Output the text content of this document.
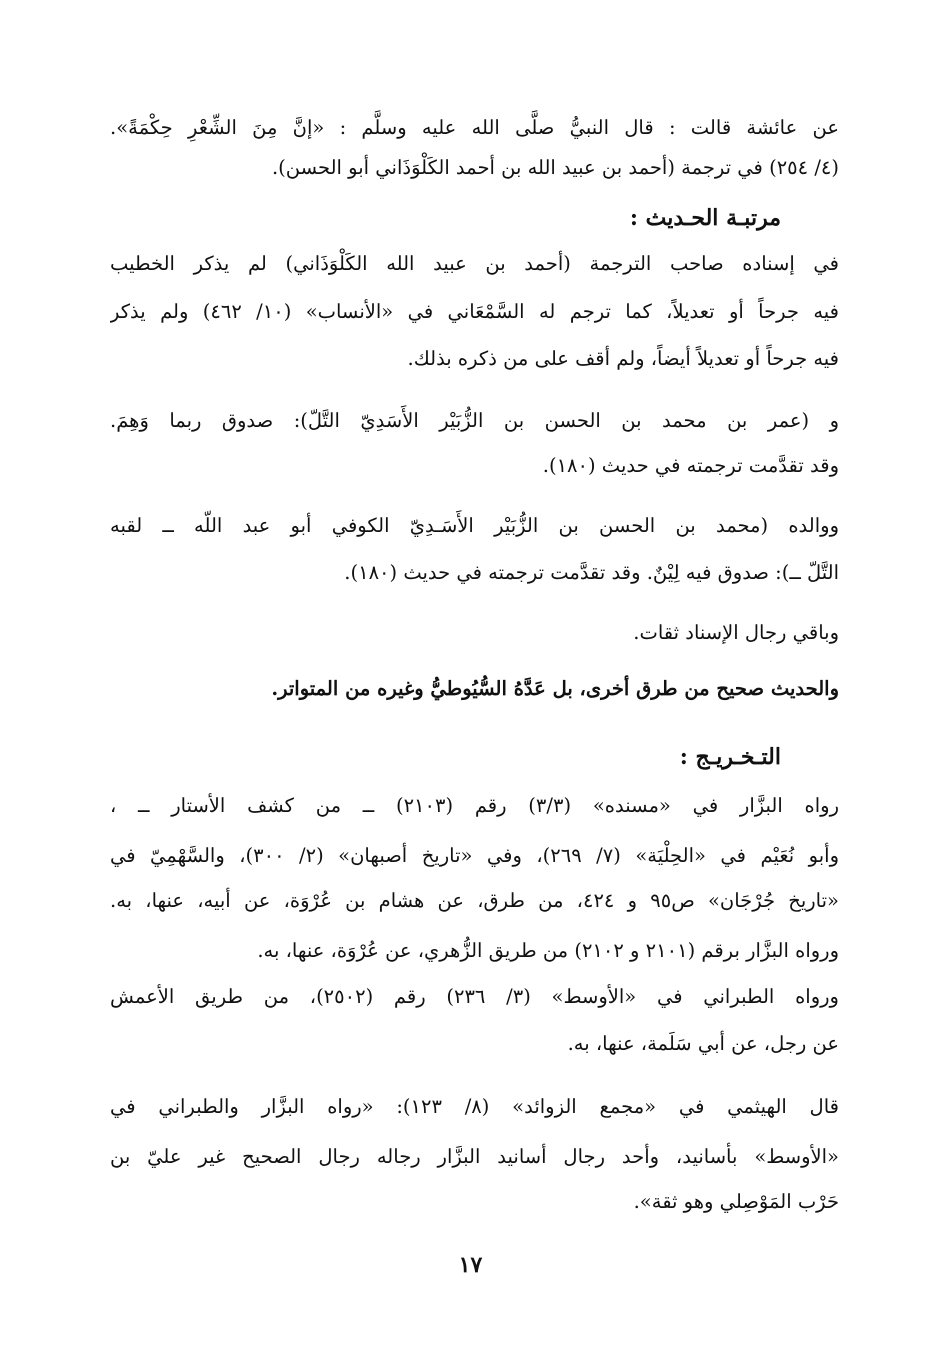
عن عائشة قالت : قال النبيُّ صلَّى الله عليه وسلَّم : «إنَّ مِنَ الشِّعْرِ حِكْمَةً».
(٤/ ٢٥٤) في ترجمة (أحمد بن عبيد الله بن أحمد الكَلْوَذَاني أبو الحسن).
مرتبـة الحـديث :
في إسناده صاحب الترجمة (أحمد بن عبيد الله الكَلْوَذَاني) لم يذكر الخطيب
فيه جرحاً أو تعديلاً، كما ترجم له السَّمْعَاني في «الأنساب» (١٠/ ٤٦٢) ولم يذكر
فيه جرحاً أو تعديلاً أيضاً، ولم أقف على من ذكره بذلك.
و (عمر بن محمد بن الحسن بن الزُّبَيْر الأَسَدِيّ التَّلّ): صدوق ربما وَهِمَ.
وقد تقدَّمت ترجمته في حديث (١٨٠).
ووالده (محمد بن الحسن بن الزُّبَيْر الأَسَـدِيّ الكوفي أبو عبد اللّه ــ لقبه
التَّلّ ــ): صدوق فيه لِيْنٌ. وقد تقدَّمت ترجمته في حديث (١٨٠).
وباقي رجال الإسناد ثقات.
والحديث صحيح من طرق أخرى، بل عَدَّهُ السُّيُوطيُّ وغيره من المتواتر.
التـخـريـج :
رواه البزَّار في «مسنده» (٣/٣) رقم (٢١٠٣) ــ من كشف الأستار ــ ،
وأبو نُعَيْم في «الحِلْيَة» (٧/ ٢٦٩)، وفي «تاريخ أصبهان» (٢/ ٣٠٠)، والسَّهْمِيّ في
«تاريخ جُرْجَان» ص٩٥ و ٤٢٤، من طرق، عن هشام بن عُرْوَة، عن أبيه، عنها، به.
ورواه البزَّار برقم (٢١٠١ و ٢١٠٢) من طريق الزُّهري، عن عُرْوَة، عنها، به.
ورواه الطبراني في «الأوسط» (٣/ ٢٣٦) رقم (٢٥٠٢)، من طريق الأعمش
عن رجل، عن أبي سَلَمة، عنها، به.
قال الهيثمي في «مجمع الزوائد» (٨/ ١٢٣): «رواه البزَّار والطبراني في
«الأوسط» بأسانيد، وأحد رجال أسانيد البزَّار رجاله رجال الصحيح غير عليّ بن
حَرْب المَوْصِلي وهو ثقة».
١٧
